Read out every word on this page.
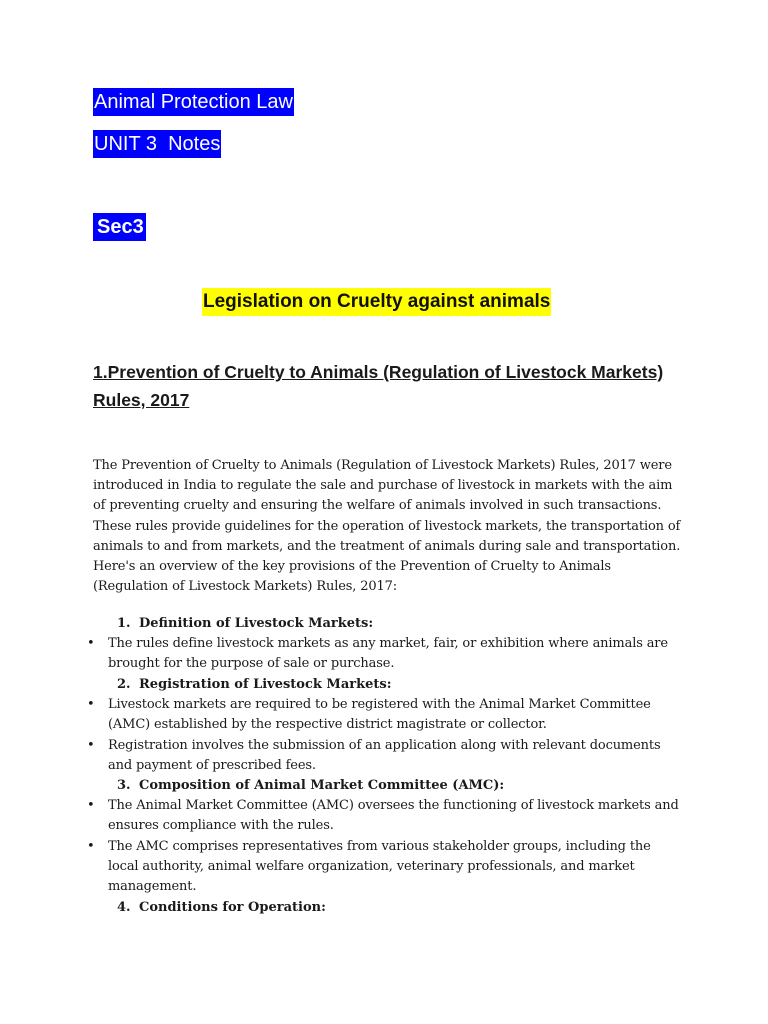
Animal Protection Law
UNIT 3  Notes
Sec3
Legislation on Cruelty against animals
1.Prevention of Cruelty to Animals (Regulation of Livestock Markets) Rules, 2017
The Prevention of Cruelty to Animals (Regulation of Livestock Markets) Rules, 2017 were introduced in India to regulate the sale and purchase of livestock in markets with the aim of preventing cruelty and ensuring the welfare of animals involved in such transactions. These rules provide guidelines for the operation of livestock markets, the transportation of animals to and from markets, and the treatment of animals during sale and transportation. Here's an overview of the key provisions of the Prevention of Cruelty to Animals (Regulation of Livestock Markets) Rules, 2017:
1. Definition of Livestock Markets:
• The rules define livestock markets as any market, fair, or exhibition where animals are brought for the purpose of sale or purchase.
2. Registration of Livestock Markets:
• Livestock markets are required to be registered with the Animal Market Committee (AMC) established by the respective district magistrate or collector.
• Registration involves the submission of an application along with relevant documents and payment of prescribed fees.
3. Composition of Animal Market Committee (AMC):
• The Animal Market Committee (AMC) oversees the functioning of livestock markets and ensures compliance with the rules.
• The AMC comprises representatives from various stakeholder groups, including the local authority, animal welfare organization, veterinary professionals, and market management.
4. Conditions for Operation:
